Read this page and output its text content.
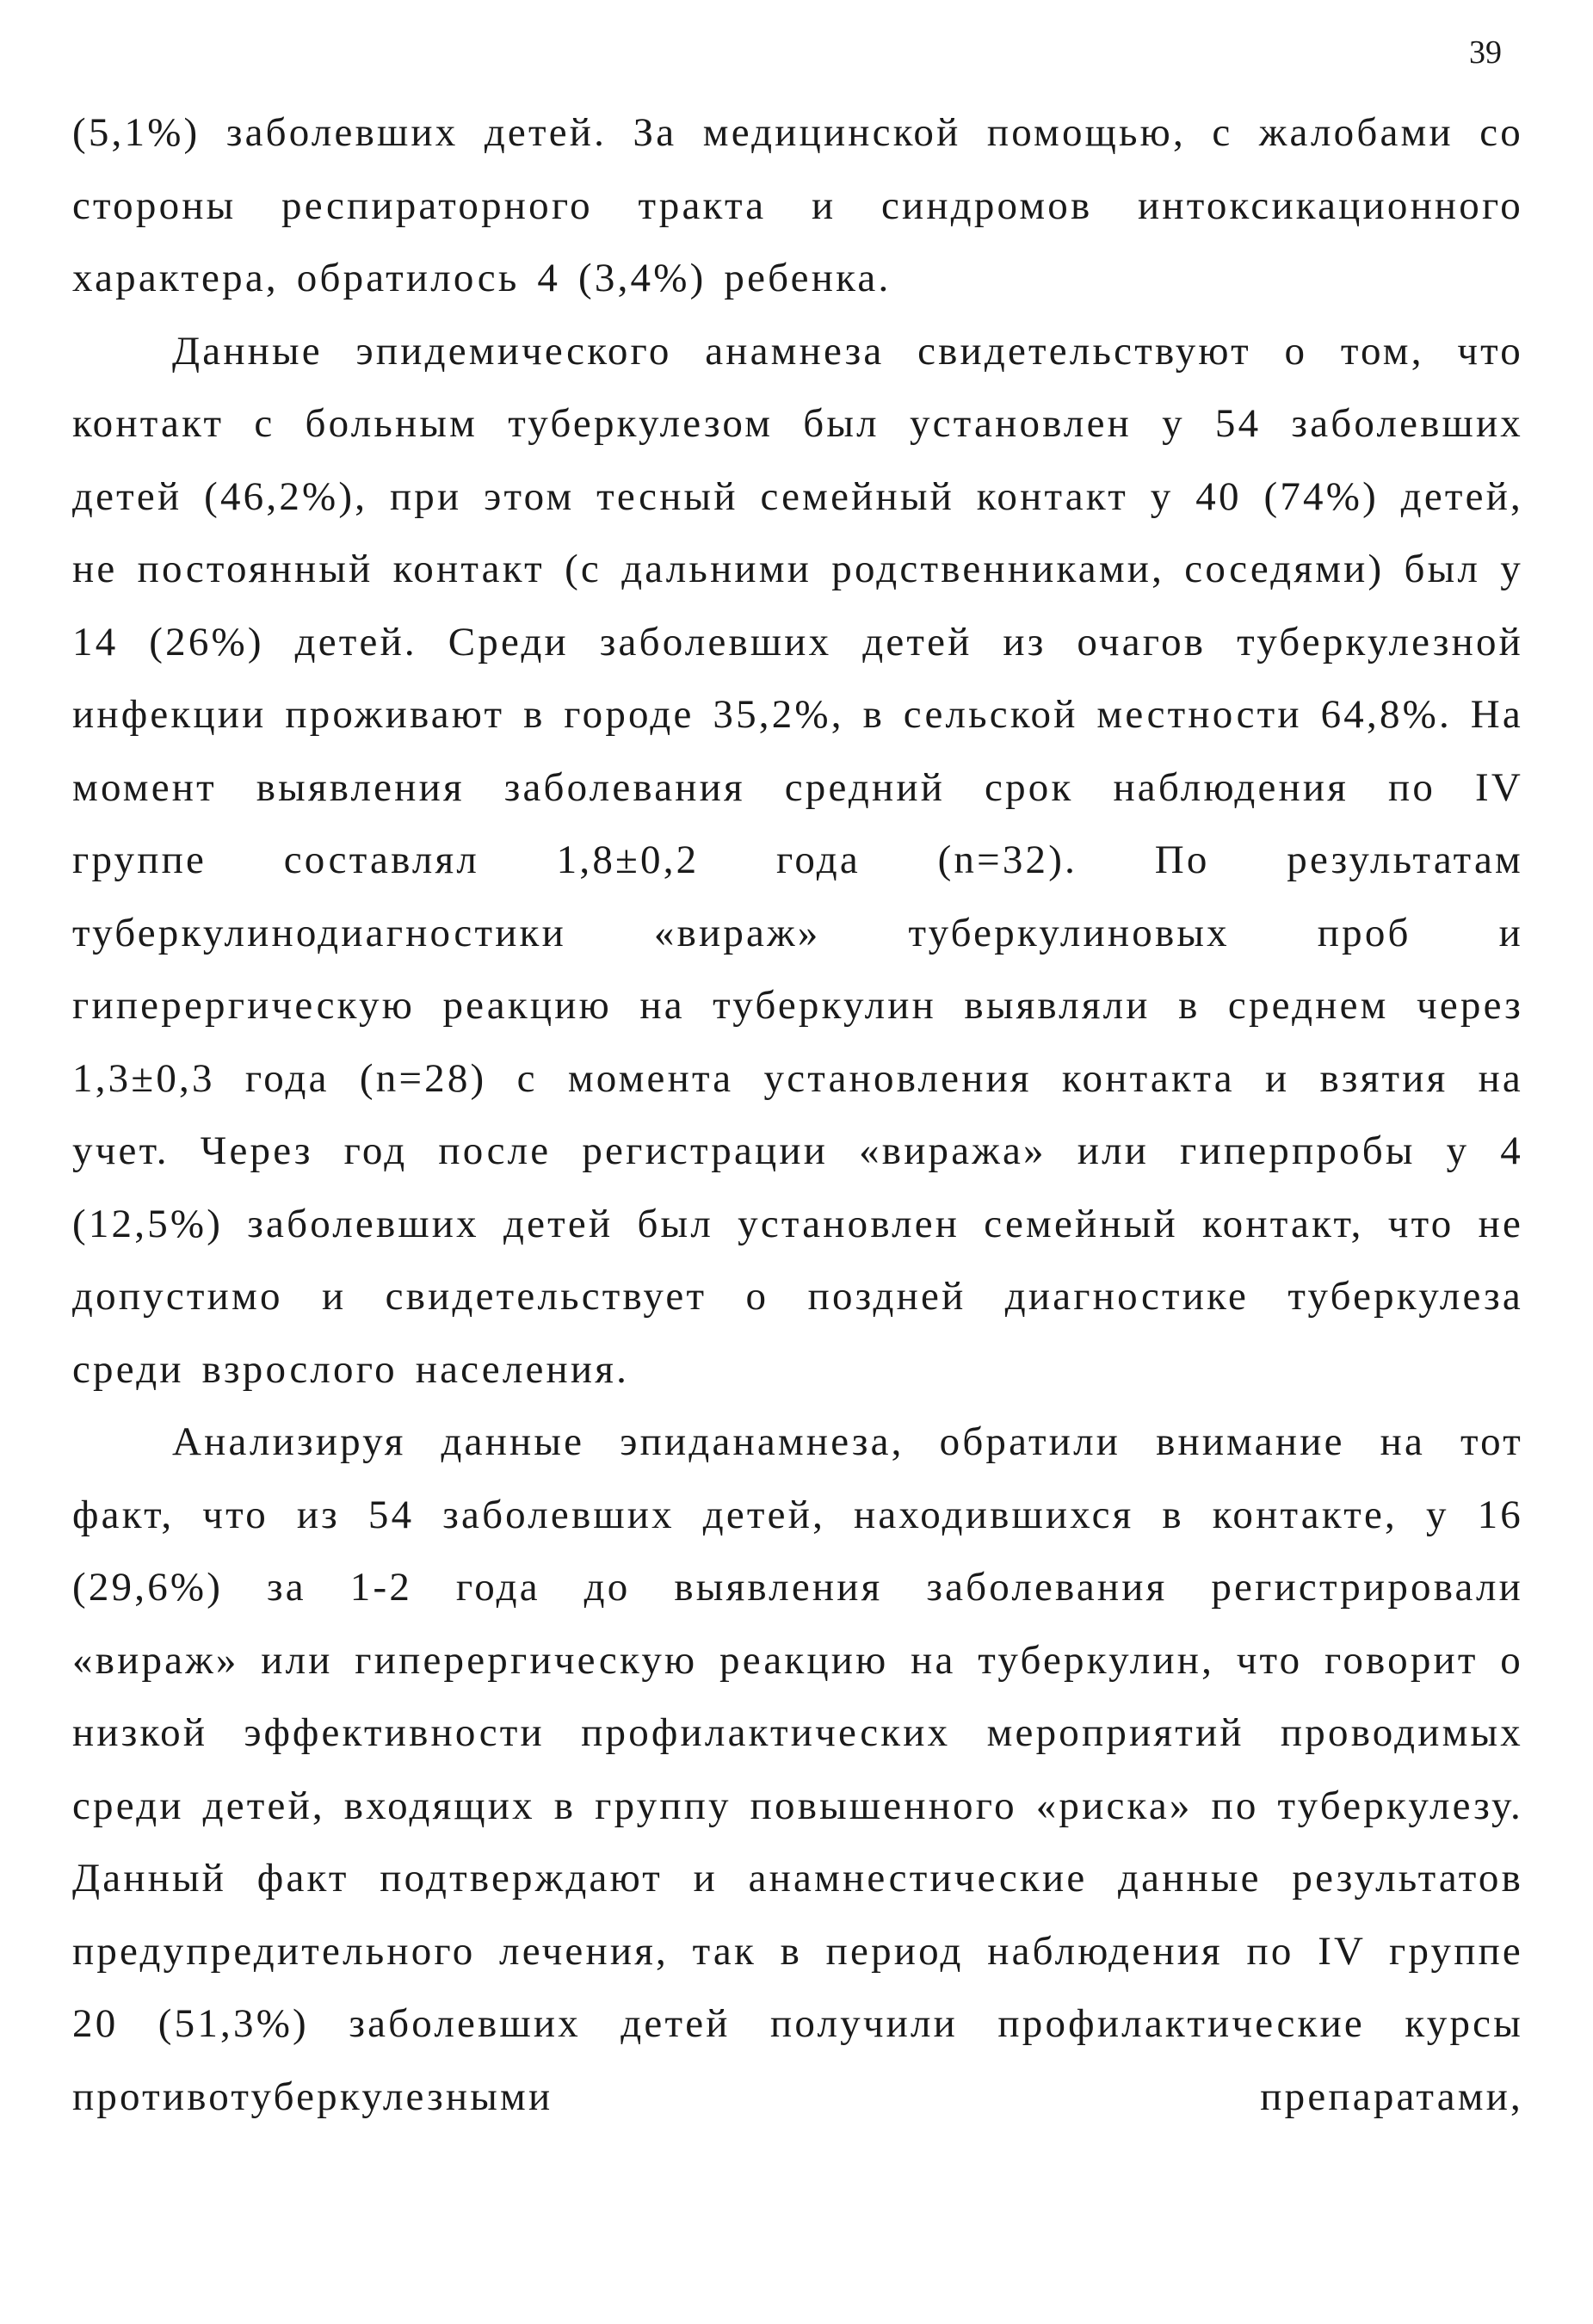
39

(5,1%) заболевших детей. За медицинской помощью, с жалобами со стороны респираторного тракта и синдромов интоксикационного характера, обратилось 4 (3,4%) ребенка.

Данные эпидемического анамнеза свидетельствуют о том, что контакт с больным туберкулезом был установлен у 54 заболевших детей (46,2%), при этом тесный семейный контакт у 40 (74%) детей, не постоянный контакт (с дальними родственниками, соседями) был у 14 (26%) детей. Среди заболевших детей из очагов туберкулезной инфекции проживают в городе 35,2%, в сельской местности 64,8%. На момент выявления заболевания средний срок наблюдения по IV группе составлял 1,8±0,2 года (n=32). По результатам туберкулинодиагностики «вираж» туберкулиновых проб и гиперергическую реакцию на туберкулин выявляли в среднем через 1,3±0,3 года (n=28) с момента установления контакта и взятия на учет. Через год после регистрации «виража» или гиперпробы у 4 (12,5%) заболевших детей был установлен семейный контакт, что не допустимо и свидетельствует о поздней диагностике туберкулеза среди взрослого населения.

Анализируя данные эпиданамнеза, обратили внимание на тот факт, что из 54 заболевших детей, находившихся в контакте, у 16 (29,6%) за 1-2 года до выявления заболевания регистрировали «вираж» или гиперергическую реакцию на туберкулин, что говорит о низкой эффективности профилактических мероприятий проводимых среди детей, входящих в группу повышенного «риска» по туберкулезу. Данный факт подтверждают и анамнестические данные результатов предупредительного лечения, так в период наблюдения по IV группе 20 (51,3%) заболевших детей получили профилактические курсы противотуберкулезными препаратами,
